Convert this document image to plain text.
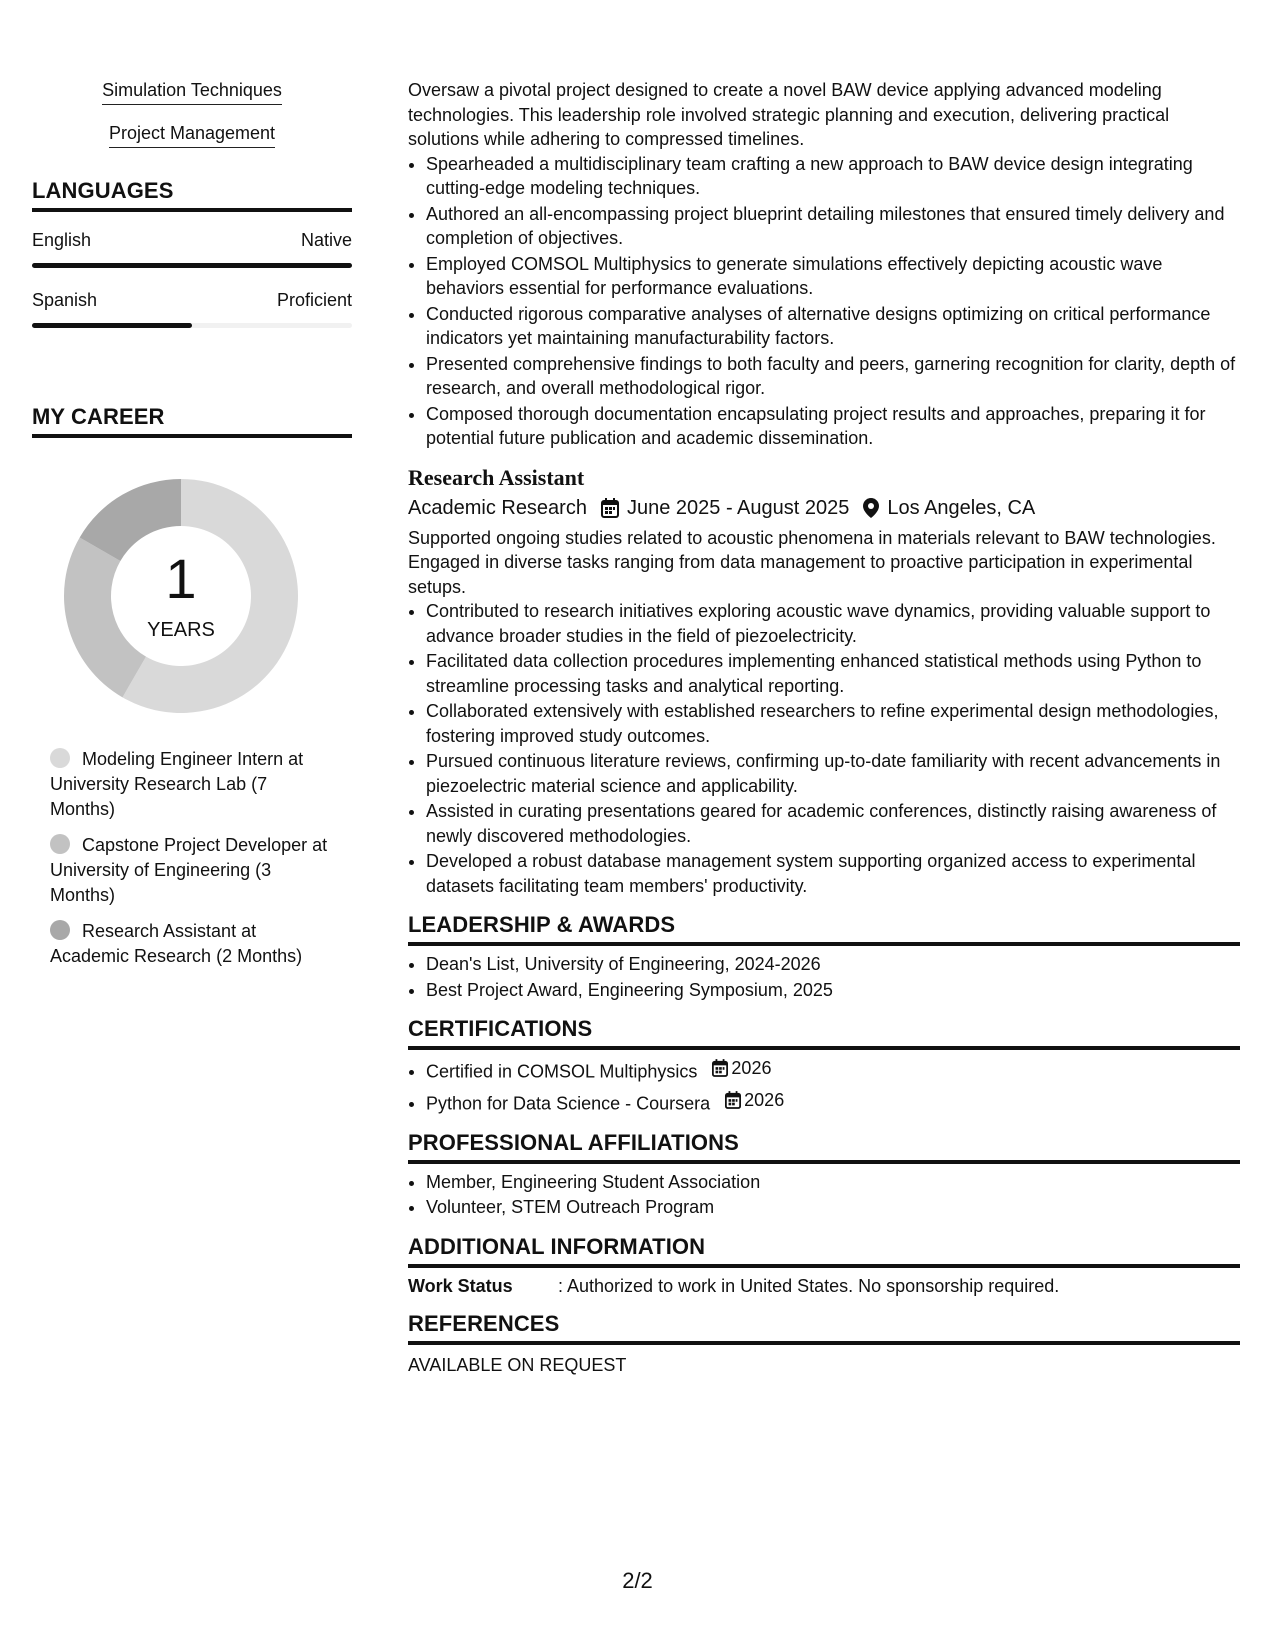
Simulation Techniques
Project Management
LANGUAGES
English	Native
Spanish	Proficient
MY CAREER
1
YEARS
Modeling Engineer Intern at University Research Lab (7 Months)
Capstone Project Developer at University of Engineering (3 Months)
Research Assistant at Academic Research (2 Months)

Oversaw a pivotal project designed to create a novel BAW device applying advanced modeling technologies. This leadership role involved strategic planning and execution, delivering practical solutions while adhering to compressed timelines.

• Spearheaded a multidisciplinary team crafting a new approach to BAW device design integrating cutting-edge modeling techniques.
• Authored an all-encompassing project blueprint detailing milestones that ensured timely delivery and completion of objectives.
• Employed COMSOL Multiphysics to generate simulations effectively depicting acoustic wave behaviors essential for performance evaluations.
• Conducted rigorous comparative analyses of alternative designs optimizing on critical performance indicators yet maintaining manufacturability factors.
• Presented comprehensive findings to both faculty and peers, garnering recognition for clarity, depth of research, and overall methodological rigor.
• Composed thorough documentation encapsulating project results and approaches, preparing it for potential future publication and academic dissemination.
Research Assistant
Academic Research June 2025 - August 2025 Los Angeles, CA

Supported ongoing studies related to acoustic phenomena in materials relevant to BAW technologies. Engaged in diverse tasks ranging from data management to proactive participation in experimental setups.

• Contributed to research initiatives exploring acoustic wave dynamics, providing valuable support to advance broader studies in the field of piezoelectricity.
• Facilitated data collection procedures implementing enhanced statistical methods using Python to streamline processing tasks and analytical reporting.
• Collaborated extensively with established researchers to refine experimental design methodologies, fostering improved study outcomes.
• Pursued continuous literature reviews, confirming up-to-date familiarity with recent advancements in piezoelectric material science and applicability.
• Assisted in curating presentations geared for academic conferences, distinctly raising awareness of newly discovered methodologies.
• Developed a robust database management system supporting organized access to experimental datasets facilitating team members' productivity.
LEADERSHIP & AWARDS
• Dean's List, University of Engineering, 2024-2026
• Best Project Award, Engineering Symposium, 2025
CERTIFICATIONS
• Certified in COMSOL Multiphysics 2026
• Python for Data Science - Coursera 2026
PROFESSIONAL AFFILIATIONS
• Member, Engineering Student Association
• Volunteer, STEM Outreach Program
ADDITIONAL INFORMATION
Work Status	: Authorized to work in United States. No sponsorship required.
REFERENCES
AVAILABLE ON REQUEST
2/2
